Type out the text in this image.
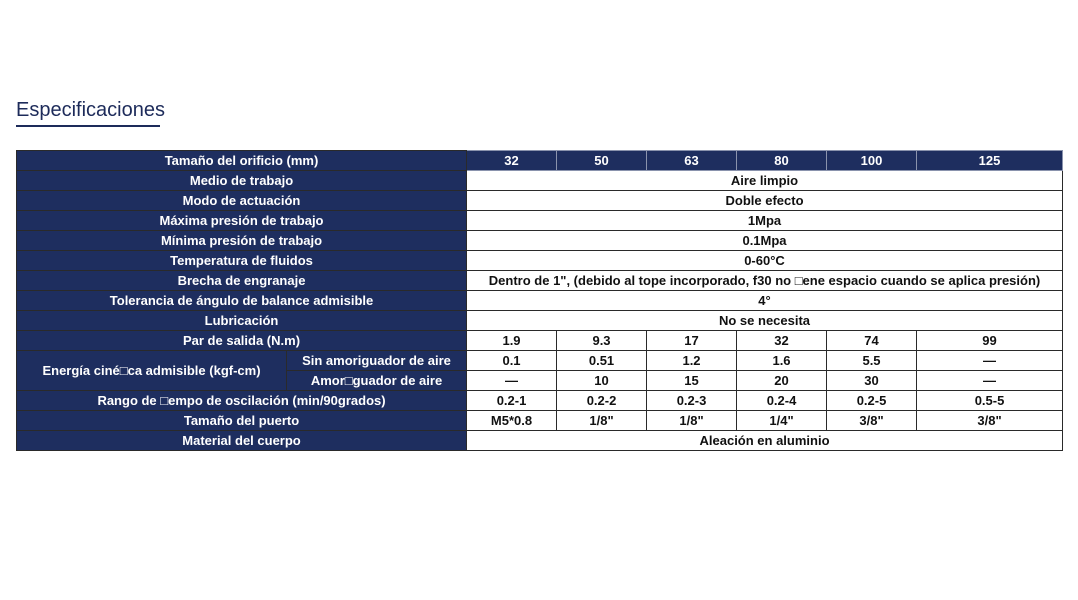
Especificaciones
Tamaño del orificio (mm)		32	50	63	80	100	125
Medio de trabajo		Aire limpio					
Modo de actuación		Doble efecto					
Máxima presión de trabajo		1Mpa					
Mínima presión de trabajo		0.1Mpa					
Temperatura de fluidos		0-60°C					
Brecha de engranaje		Dentro de 1", (debido al tope incorporado, f30 no □ene espacio cuando se aplica presión)					
Tolerancia de ángulo de balance admisible		4°					
Lubricación		No se necesita					
Par de salida (N.m)		1.9	9.3	17	32	74	99
Energía ciné□ca admisible (kgf-cm)	Sin amoriguador de aire	0.1	0.51	1.2	1.6	5.5	—
	Amor□guador de aire	—	10	15	20	30	—
Rango de □empo de oscilación (min/90grados)		0.2-1	0.2-2	0.2-3	0.2-4	0.2-5	0.5-5
Tamaño del puerto		M5*0.8	1/8"	1/8"	1/4"	3/8"	3/8"
Material del cuerpo		Aleación en aluminio					
